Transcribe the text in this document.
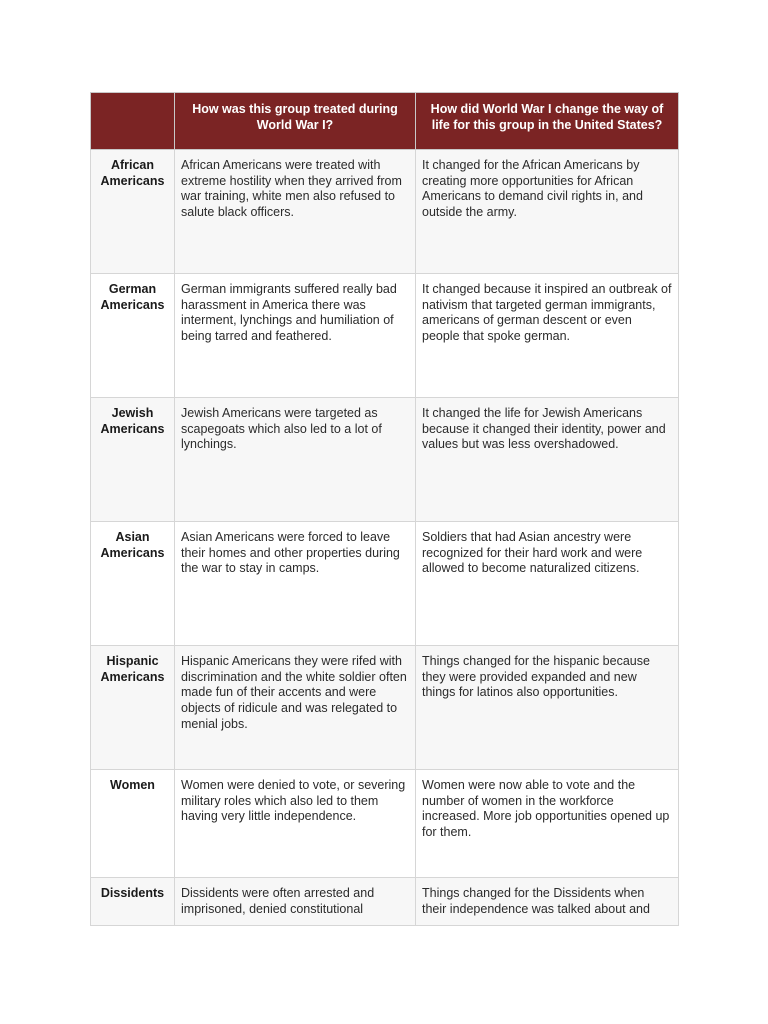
	How was this group treated during World War I?	How did World War I change the way of life for this group in the United States?

African Americans	African Americans were treated with extreme hostility when they arrived from war training, white men also refused to salute black officers.	It changed for the African Americans by creating more opportunities for African Americans to demand civil rights in, and outside the army.

German Americans	German immigrants suffered really bad harassment in America there was interment, lynchings and humiliation of being tarred and feathered.	It changed because it inspired an outbreak of nativism that targeted german immigrants, americans of german descent or even people that spoke german.

Jewish Americans	Jewish Americans were targeted as scapegoats which also led to a lot of lynchings.	It changed the life for Jewish Americans because it changed their identity, power and values but was less overshadowed.

Asian Americans	Asian Americans were forced to leave their homes and other properties during the war to stay in camps.	Soldiers that had Asian ancestry were recognized for their hard work and were allowed to become naturalized citizens.

Hispanic Americans	Hispanic Americans they were rifed with discrimination and the white soldier often made fun of their accents and were objects of ridicule and was relegated to menial jobs.	Things changed for the hispanic because they were provided expanded and new things for latinos also opportunities.

Women	Women were denied to vote, or severing military roles which also led to them having very little independence.	Women were now able to vote and the number of women in the workforce increased. More job opportunities opened up for them.

Dissidents	Dissidents were often arrested and imprisoned, denied constitutional	Things changed for the Dissidents when their independence was talked about and
